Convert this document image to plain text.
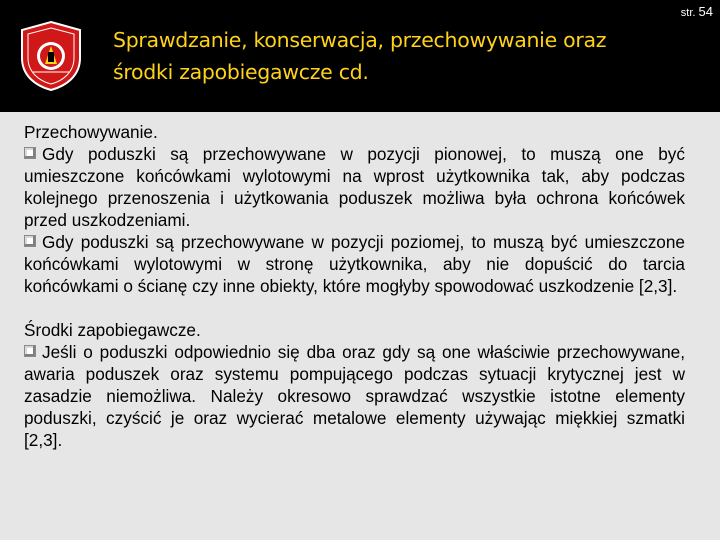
Sprawdzanie, konserwacja, przechowywanie oraz
środki zapobiegawcze cd.
str. 54

Przechowywanie.

Gdy poduszki są przechowywane w pozycji pionowej, to muszą one być umieszczone końcówkami wylotowymi na wprost użytkownika tak, aby podczas kolejnego przenoszenia i użytkowania poduszek możliwa była ochrona końcówek przed uszkodzeniami.

Gdy poduszki są przechowywane w pozycji poziomej, to muszą być umieszczone końcówkami wylotowymi w stronę użytkownika, aby nie dopuścić do tarcia końcówkami o ścianę czy inne obiekty, które mogłyby spowodować uszkodzenie [2,3].

Środki zapobiegawcze.

Jeśli o poduszki odpowiednio się dba oraz gdy są one właściwie przechowywane, awaria poduszek oraz systemu pompującego podczas sytuacji krytycznej jest w zasadzie niemożliwa. Należy okresowo sprawdzać wszystkie istotne elementy poduszki, czyścić je oraz wycierać metalowe elementy używając miękkiej szmatki [2,3].
